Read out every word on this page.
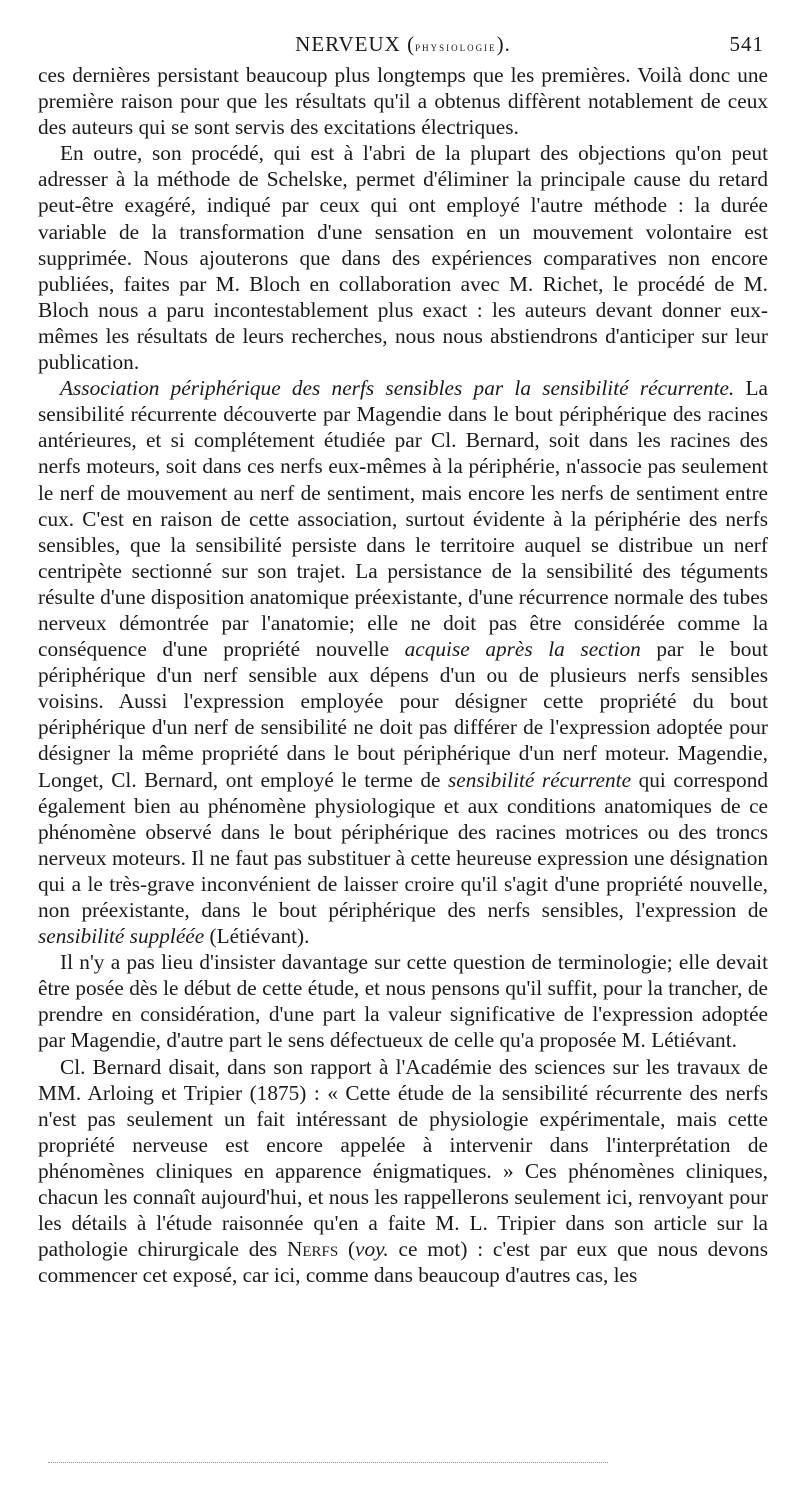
NERVEUX (physiologie).	541

ces dernières persistant beaucoup plus longtemps que les premières. Voilà donc une première raison pour que les résultats qu'il a obtenus diffèrent notablement de ceux des auteurs qui se sont servis des excitations électriques.

En outre, son procédé, qui est à l'abri de la plupart des objections qu'on peut adresser à la méthode de Schelske, permet d'éliminer la principale cause du retard peut-être exagéré, indiqué par ceux qui ont employé l'autre méthode : la durée variable de la transformation d'une sensation en un mouvement volontaire est supprimée. Nous ajouterons que dans des expériences comparatives non encore publiées, faites par M. Bloch en collaboration avec M. Richet, le procédé de M. Bloch nous a paru incontestablement plus exact : les auteurs devant donner eux-mêmes les résultats de leurs recherches, nous nous abstiendrons d'anticiper sur leur publication.

Association périphérique des nerfs sensibles par la sensibilité récurrente. La sensibilité récurrente découverte par Magendie dans le bout périphérique des racines antérieures, et si complétement étudiée par Cl. Bernard, soit dans les racines des nerfs moteurs, soit dans ces nerfs eux-mêmes à la périphérie, n'associe pas seulement le nerf de mouvement au nerf de sentiment, mais encore les nerfs de sentiment entre cux. C'est en raison de cette association, surtout évidente à la périphérie des nerfs sensibles, que la sensibilité persiste dans le territoire auquel se distribue un nerf centripète sectionné sur son trajet. La persistance de la sensibilité des téguments résulte d'une disposition anatomique préexistante, d'une récurrence normale des tubes nerveux démontrée par l'anatomie; elle ne doit pas être considérée comme la conséquence d'une propriété nouvelle acquise après la section par le bout périphérique d'un nerf sensible aux dépens d'un ou de plusieurs nerfs sensibles voisins. Aussi l'expression employée pour désigner cette propriété du bout périphérique d'un nerf de sensibilité ne doit pas différer de l'expression adoptée pour désigner la même propriété dans le bout périphérique d'un nerf moteur. Magendie, Longet, Cl. Bernard, ont employé le terme de sensibilité récurrente qui correspond également bien au phénomène physiologique et aux conditions anatomiques de ce phénomène observé dans le bout périphérique des racines motrices ou des troncs nerveux moteurs. Il ne faut pas substituer à cette heureuse expression une désignation qui a le très-grave inconvénient de laisser croire qu'il s'agit d'une propriété nouvelle, non préexistante, dans le bout périphérique des nerfs sensibles, l'expression de sensibilité suppléée (Létiévant).

Il n'y a pas lieu d'insister davantage sur cette question de terminologie; elle devait être posée dès le début de cette étude, et nous pensons qu'il suffit, pour la trancher, de prendre en considération, d'une part la valeur significative de l'expression adoptée par Magendie, d'autre part le sens défectueux de celle qu'a proposée M. Létiévant.

Cl. Bernard disait, dans son rapport à l'Académie des sciences sur les travaux de MM. Arloing et Tripier (1875) : « Cette étude de la sensibilité récurrente des nerfs n'est pas seulement un fait intéressant de physiologie expérimentale, mais cette propriété nerveuse est encore appelée à intervenir dans l'interprétation de phénomènes cliniques en apparence énigmatiques. » Ces phénomènes cliniques, chacun les connaît aujourd'hui, et nous les rappellerons seulement ici, renvoyant pour les détails à l'étude raisonnée qu'en a faite M. L. Tripier dans son article sur la pathologie chirurgicale des Nerfs (voy. ce mot) : c'est par eux que nous devons commencer cet exposé, car ici, comme dans beaucoup d'autres cas, les
